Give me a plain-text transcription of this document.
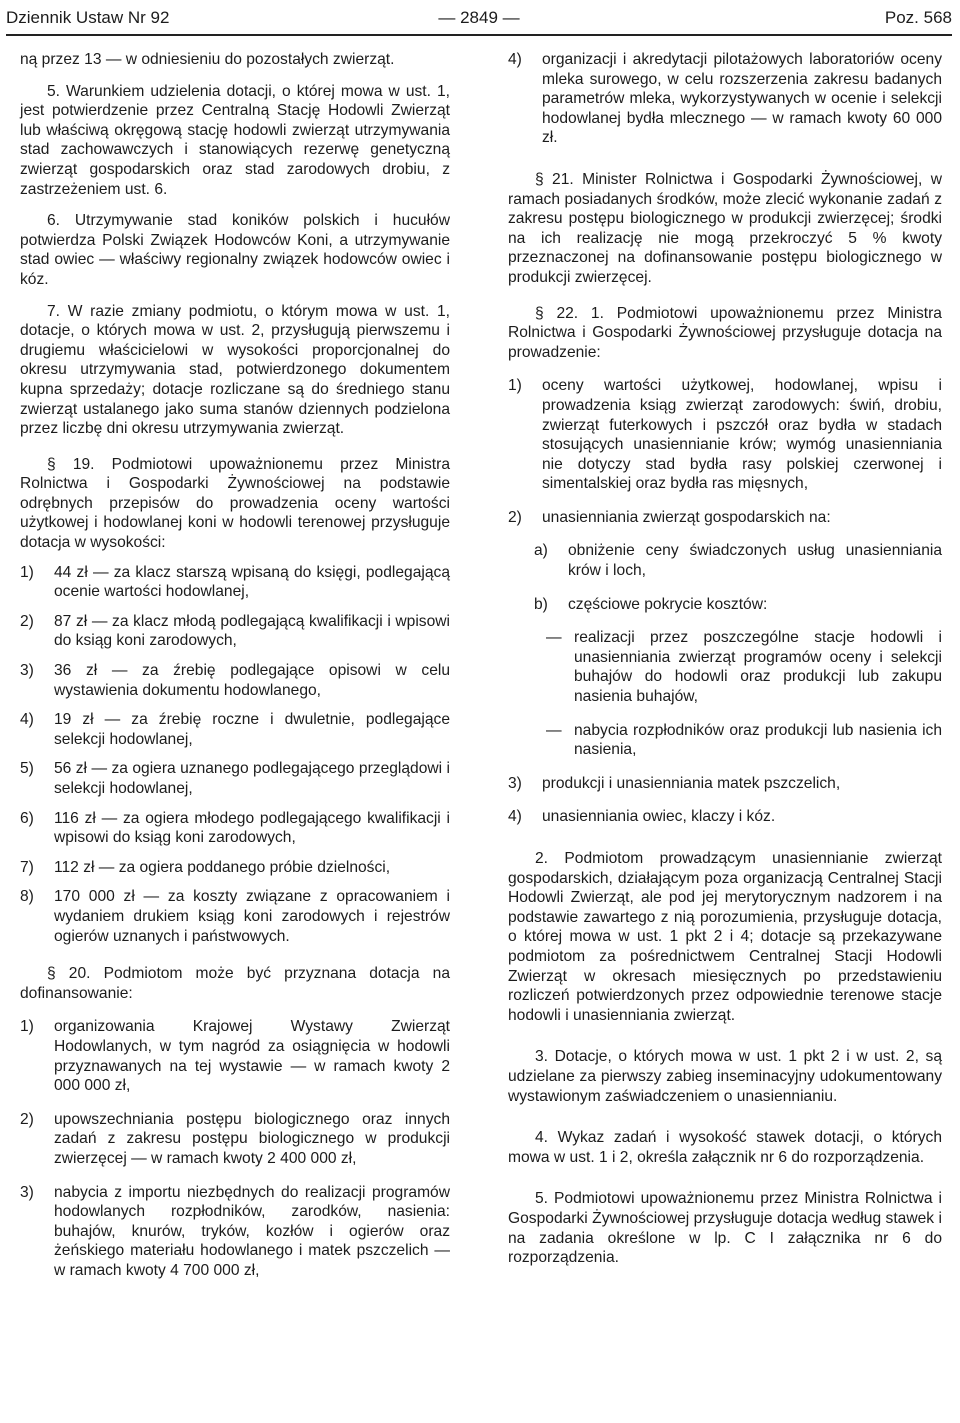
Dziennik Ustaw Nr 92	— 2849 —	Poz. 568

ną przez 13 — w odniesieniu do pozostałych zwierząt.

5. Warunkiem udzielenia dotacji, o której mowa w ust. 1, jest potwierdzenie przez Centralną Stację Hodowli Zwierząt lub właściwą okręgową stację hodowli zwierząt utrzymywania stad zachowawczych i stanowiących rezerwę genetyczną zwierząt gospodarskich oraz stad zarodowych drobiu, z zastrzeżeniem ust. 6.

6. Utrzymywanie stad koników polskich i hucułów potwierdza Polski Związek Hodowców Koni, a utrzymywanie stad owiec — właściwy regionalny związek hodowców owiec i kóz.

7. W razie zmiany podmiotu, o którym mowa w ust. 1, dotacje, o których mowa w ust. 2, przysługują pierwszemu i drugiemu właścicielowi w wysokości proporcjonalnej do okresu utrzymywania stad, potwierdzonego dokumentem kupna sprzedaży; dotacje rozliczane są do średniego stanu zwierząt ustalanego jako suma stanów dziennych podzielona przez liczbę dni okresu utrzymywania zwierząt.

§ 19. Podmiotowi upoważnionemu przez Ministra Rolnictwa i Gospodarki Żywnościowej na podstawie odrębnych przepisów do prowadzenia oceny wartości użytkowej i hodowlanej koni w hodowli terenowej przysługuje dotacja w wysokości:

1) 44 zł — za klacz starszą wpisaną do księgi, podlegającą ocenie wartości hodowlanej,
2) 87 zł — za klacz młodą podlegającą kwalifikacji i wpisowi do ksiąg koni zarodowych,
3) 36 zł — za źrebię podlegające opisowi w celu wystawienia dokumentu hodowlanego,
4) 19 zł — za źrebię roczne i dwuletnie, podlegające selekcji hodowlanej,
5) 56 zł — za ogiera uznanego podlegającego przeglądowi i selekcji hodowlanej,
6) 116 zł — za ogiera młodego podlegającego kwalifikacji i wpisowi do ksiąg koni zarodowych,
7) 112 zł — za ogiera poddanego próbie dzielności,
8) 170 000 zł — za koszty związane z opracowaniem i wydaniem drukiem ksiąg koni zarodowych i rejestrów ogierów uznanych i państwowych.

§ 20. Podmiotom może być przyznana dotacja na dofinansowanie:

1) organizowania Krajowej Wystawy Zwierząt Hodowlanych, w tym nagród za osiągnięcia w hodowli przyznawanych na tej wystawie — w ramach kwoty 2 000 000 zł,
2) upowszechniania postępu biologicznego oraz innych zadań z zakresu postępu biologicznego w produkcji zwierzęcej — w ramach kwoty 2 400 000 zł,
3) nabycia z importu niezbędnych do realizacji programów hodowlanych rozpłodników, zarodków, nasienia: buhajów, knurów, tryków, kozłów i ogierów oraz żeńskiego materiału hodowlanego i matek pszczelich — w ramach kwoty 4 700 000 zł,
4) organizacji i akredytacji pilotażowych laboratoriów oceny mleka surowego, w celu rozszerzenia zakresu badanych parametrów mleka, wykorzystywanych w ocenie i selekcji hodowlanej bydła mlecznego — w ramach kwoty 60 000 zł.

§ 21. Minister Rolnictwa i Gospodarki Żywnościowej, w ramach posiadanych środków, może zlecić wykonanie zadań z zakresu postępu biologicznego w produkcji zwierzęcej; środki na ich realizację nie mogą przekroczyć 5 % kwoty przeznaczonej na dofinansowanie postępu biologicznego w produkcji zwierzęcej.

§ 22. 1. Podmiotowi upoważnionemu przez Ministra Rolnictwa i Gospodarki Żywnościowej przysługuje dotacja na prowadzenie:

1) oceny wartości użytkowej, hodowlanej, wpisu i prowadzenia ksiąg zwierząt zarodowych: świń, drobiu, zwierząt futerkowych i pszczół oraz bydła w stadach stosujących unasiennianie krów; wymóg unasienniania nie dotyczy stad bydła rasy polskiej czerwonej i simentalskiej oraz bydła ras mięsnych,
2) unasienniania zwierząt gospodarskich na:
a) obniżenie ceny świadczonych usług unasienniania krów i loch,
b) częściowe pokrycie kosztów:
—
realizacji przez poszczególne stacje hodowli i unasienniania zwierząt programów oceny i selekcji buhajów do hodowli oraz produkcji lub zakupu nasienia buhajów,
—
nabycia rozpłodników oraz produkcji lub nasienia ich nasienia,
3) produkcji i unasienniania matek pszczelich,
4) unasienniania owiec, klaczy i kóz.

2. Podmiotom prowadzącym unasiennianie zwierząt gospodarskich, działającym poza organizacją Centralnej Stacji Hodowli Zwierząt, ale pod jej merytorycznym nadzorem i na podstawie zawartego z nią porozumienia, przysługuje dotacja, o której mowa w ust. 1 pkt 2 i 4; dotacje są przekazywane podmiotom za pośrednictwem Centralnej Stacji Hodowli Zwierząt w okresach miesięcznych po przedstawieniu rozliczeń potwierdzonych przez odpowiednie terenowe stacje hodowli i unasienniania zwierząt.

3. Dotacje, o których mowa w ust. 1 pkt 2 i w ust. 2, są udzielane za pierwszy zabieg inseminacyjny udokumentowany wystawionym zaświadczeniem o unasiennianiu.

4. Wykaz zadań i wysokość stawek dotacji, o których mowa w ust. 1 i 2, określa załącznik nr 6 do rozporządzenia.

5. Podmiotowi upoważnionemu przez Ministra Rolnictwa i Gospodarki Żywnościowej przysługuje dotacja według stawek i na zadania określone w lp. C I załącznika nr 6 do rozporządzenia.
